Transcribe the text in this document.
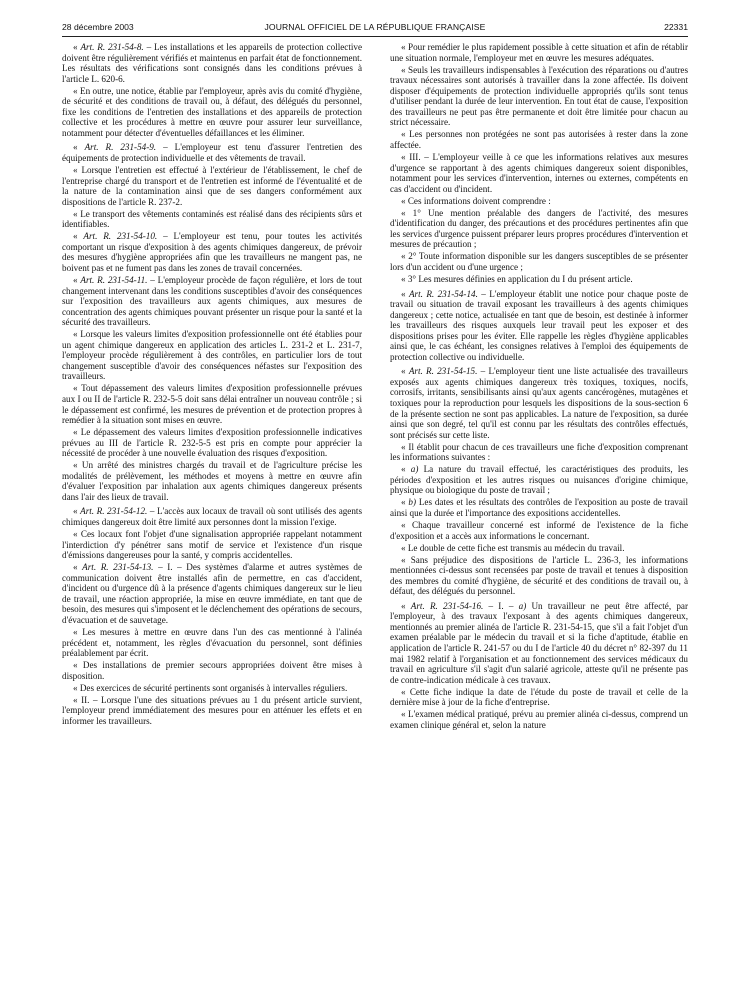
28 décembre 2003	JOURNAL OFFICIEL DE LA RÉPUBLIQUE FRANÇAISE	22331

« Art. R. 231-54-8. – Les installations et les appareils de protection collective doivent être régulièrement vérifiés et maintenus en parfait état de fonctionnement. Les résultats des vérifications sont consignés dans les conditions prévues à l'article L. 620-6.

« En outre, une notice, établie par l'employeur, après avis du comité d'hygiène, de sécurité et des conditions de travail ou, à défaut, des délégués du personnel, fixe les conditions de l'entretien des installations et des appareils de protection collective et les procédures à mettre en œuvre pour assurer leur surveillance, notamment pour détecter d'éventuelles défaillances et les éliminer.

« Art. R. 231-54-9. – L'employeur est tenu d'assurer l'entretien des équipements de protection individuelle et des vêtements de travail.

« Lorsque l'entretien est effectué à l'extérieur de l'établissement, le chef de l'entreprise chargé du transport et de l'entretien est informé de l'éventualité et de la nature de la contamination ainsi que de ses dangers conformément aux dispositions de l'article R. 237-2.

« Le transport des vêtements contaminés est réalisé dans des récipients sûrs et identifiables.

« Art. R. 231-54-10. – L'employeur est tenu, pour toutes les activités comportant un risque d'exposition à des agents chimiques dangereux, de prévoir des mesures d'hygiène appropriées afin que les travailleurs ne mangent pas, ne boivent pas et ne fument pas dans les zones de travail concernées.

« Art. R. 231-54-11. – L'employeur procède de façon régulière, et lors de tout changement intervenant dans les conditions susceptibles d'avoir des conséquences sur l'exposition des travailleurs aux agents chimiques, aux mesures de concentration des agents chimiques pouvant présenter un risque pour la santé et la sécurité des travailleurs.

« Lorsque les valeurs limites d'exposition professionnelle ont été établies pour un agent chimique dangereux en application des articles L. 231-2 et L. 231-7, l'employeur procède régulièrement à des contrôles, en particulier lors de tout changement susceptible d'avoir des conséquences néfastes sur l'exposition des travailleurs.

« Tout dépassement des valeurs limites d'exposition professionnelle prévues aux I ou II de l'article R. 232-5-5 doit sans délai entraîner un nouveau contrôle ; si le dépassement est confirmé, les mesures de prévention et de protection propres à remédier à la situation sont mises en œuvre.

« Le dépassement des valeurs limites d'exposition professionnelle indicatives prévues au III de l'article R. 232-5-5 est pris en compte pour apprécier la nécessité de procéder à une nouvelle évaluation des risques d'exposition.

« Un arrêté des ministres chargés du travail et de l'agriculture précise les modalités de prélèvement, les méthodes et moyens à mettre en œuvre afin d'évaluer l'exposition par inhalation aux agents chimiques dangereux présents dans l'air des lieux de travail.

« Art. R. 231-54-12. – L'accès aux locaux de travail où sont utilisés des agents chimiques dangereux doit être limité aux personnes dont la mission l'exige.

« Ces locaux font l'objet d'une signalisation appropriée rappelant notamment l'interdiction d'y pénétrer sans motif de service et l'existence d'un risque d'émissions dangereuses pour la santé, y compris accidentelles.

« Art. R. 231-54-13. – I. – Des systèmes d'alarme et autres systèmes de communication doivent être installés afin de permettre, en cas d'accident, d'incident ou d'urgence dû à la présence d'agents chimiques dangereux sur le lieu de travail, une réaction appropriée, la mise en œuvre immédiate, en tant que de besoin, des mesures qui s'imposent et le déclenchement des opérations de secours, d'évacuation et de sauvetage.

« Les mesures à mettre en œuvre dans l'un des cas mentionné à l'alinéa précédent et, notamment, les règles d'évacuation du personnel, sont définies préalablement par écrit.

« Des installations de premier secours appropriées doivent être mises à disposition.

« Des exercices de sécurité pertinents sont organisés à intervalles réguliers.

« II. – Lorsque l'une des situations prévues au 1 du présent article survient, l'employeur prend immédiatement des mesures pour en atténuer les effets et en informer les travailleurs.

« Pour remédier le plus rapidement possible à cette situation et afin de rétablir une situation normale, l'employeur met en œuvre les mesures adéquates.

« Seuls les travailleurs indispensables à l'exécution des réparations ou d'autres travaux nécessaires sont autorisés à travailler dans la zone affectée. Ils doivent disposer d'équipements de protection individuelle appropriés qu'ils sont tenus d'utiliser pendant la durée de leur intervention. En tout état de cause, l'exposition des travailleurs ne peut pas être permanente et doit être limitée pour chacun au strict nécessaire.

« Les personnes non protégées ne sont pas autorisées à rester dans la zone affectée.

« III. – L'employeur veille à ce que les informations relatives aux mesures d'urgence se rapportant à des agents chimiques dangereux soient disponibles, notamment pour les services d'intervention, internes ou externes, compétents en cas d'accident ou d'incident.

« Ces informations doivent comprendre :

« 1° Une mention préalable des dangers de l'activité, des mesures d'identification du danger, des précautions et des procédures pertinentes afin que les services d'urgence puissent préparer leurs propres procédures d'intervention et mesures de précaution ;

« 2° Toute information disponible sur les dangers susceptibles de se présenter lors d'un accident ou d'une urgence ;

« 3° Les mesures définies en application du I du présent article.

« Art. R. 231-54-14. – L'employeur établit une notice pour chaque poste de travail ou situation de travail exposant les travailleurs à des agents chimiques dangereux ; cette notice, actualisée en tant que de besoin, est destinée à informer les travailleurs des risques auxquels leur travail peut les exposer et des dispositions prises pour les éviter. Elle rappelle les règles d'hygiène applicables ainsi que, le cas échéant, les consignes relatives à l'emploi des équipements de protection collective ou individuelle.

« Art. R. 231-54-15. – L'employeur tient une liste actualisée des travailleurs exposés aux agents chimiques dangereux très toxiques, toxiques, nocifs, corrosifs, irritants, sensibilisants ainsi qu'aux agents cancérogènes, mutagènes et toxiques pour la reproduction pour lesquels les dispositions de la sous-section 6 de la présente section ne sont pas applicables. La nature de l'exposition, sa durée ainsi que son degré, tel qu'il est connu par les résultats des contrôles effectués, sont précisés sur cette liste.

« Il établit pour chacun de ces travailleurs une fiche d'exposition comprenant les informations suivantes :

« a) La nature du travail effectué, les caractéristiques des produits, les périodes d'exposition et les autres risques ou nuisances d'origine chimique, physique ou biologique du poste de travail ;

« b) Les dates et les résultats des contrôles de l'exposition au poste de travail ainsi que la durée et l'importance des expositions accidentelles.

« Chaque travailleur concerné est informé de l'existence de la fiche d'exposition et a accès aux informations le concernant.

« Le double de cette fiche est transmis au médecin du travail.

« Sans préjudice des dispositions de l'article L. 236-3, les informations mentionnées ci-dessus sont recensées par poste de travail et tenues à disposition des membres du comité d'hygiène, de sécurité et des conditions de travail ou, à défaut, des délégués du personnel.

« Art. R. 231-54-16. – I. – a) Un travailleur ne peut être affecté, par l'employeur, à des travaux l'exposant à des agents chimiques dangereux, mentionnés au premier alinéa de l'article R. 231-54-15, que s'il a fait l'objet d'un examen préalable par le médecin du travail et si la fiche d'aptitude, établie en application de l'article R. 241-57 ou du I de l'article 40 du décret n° 82-397 du 11 mai 1982 relatif à l'organisation et au fonctionnement des services médicaux du travail en agriculture s'il s'agit d'un salarié agricole, atteste qu'il ne présente pas de contre-indication médicale à ces travaux.

« Cette fiche indique la date de l'étude du poste de travail et celle de la dernière mise à jour de la fiche d'entreprise.

« L'examen médical pratiqué, prévu au premier alinéa ci-dessus, comprend un examen clinique général et, selon la nature
